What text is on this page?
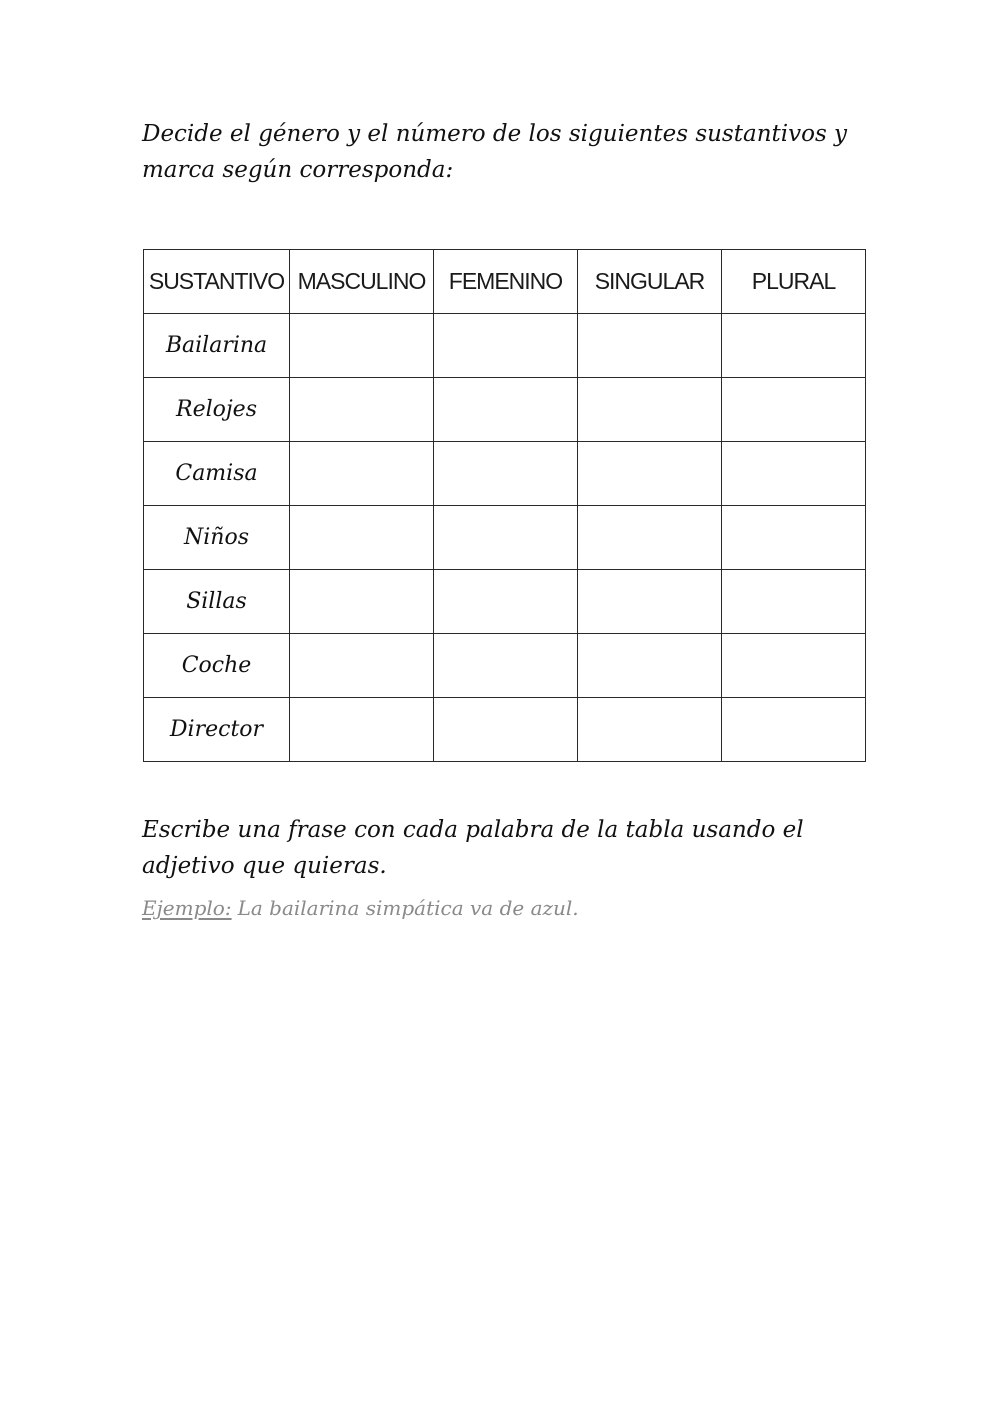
Decide el género y el número de los siguientes sustantivos y marca según corresponda:

SUSTANTIVO	MASCULINO	FEMENINO	SINGULAR	PLURAL
Bailarina				
Relojes				
Camisa				
Niños				
Sillas				
Coche				
Director				

Escribe una frase con cada palabra de la tabla usando el adjetivo que quieras.

Ejemplo: La bailarina simpática va de azul.
